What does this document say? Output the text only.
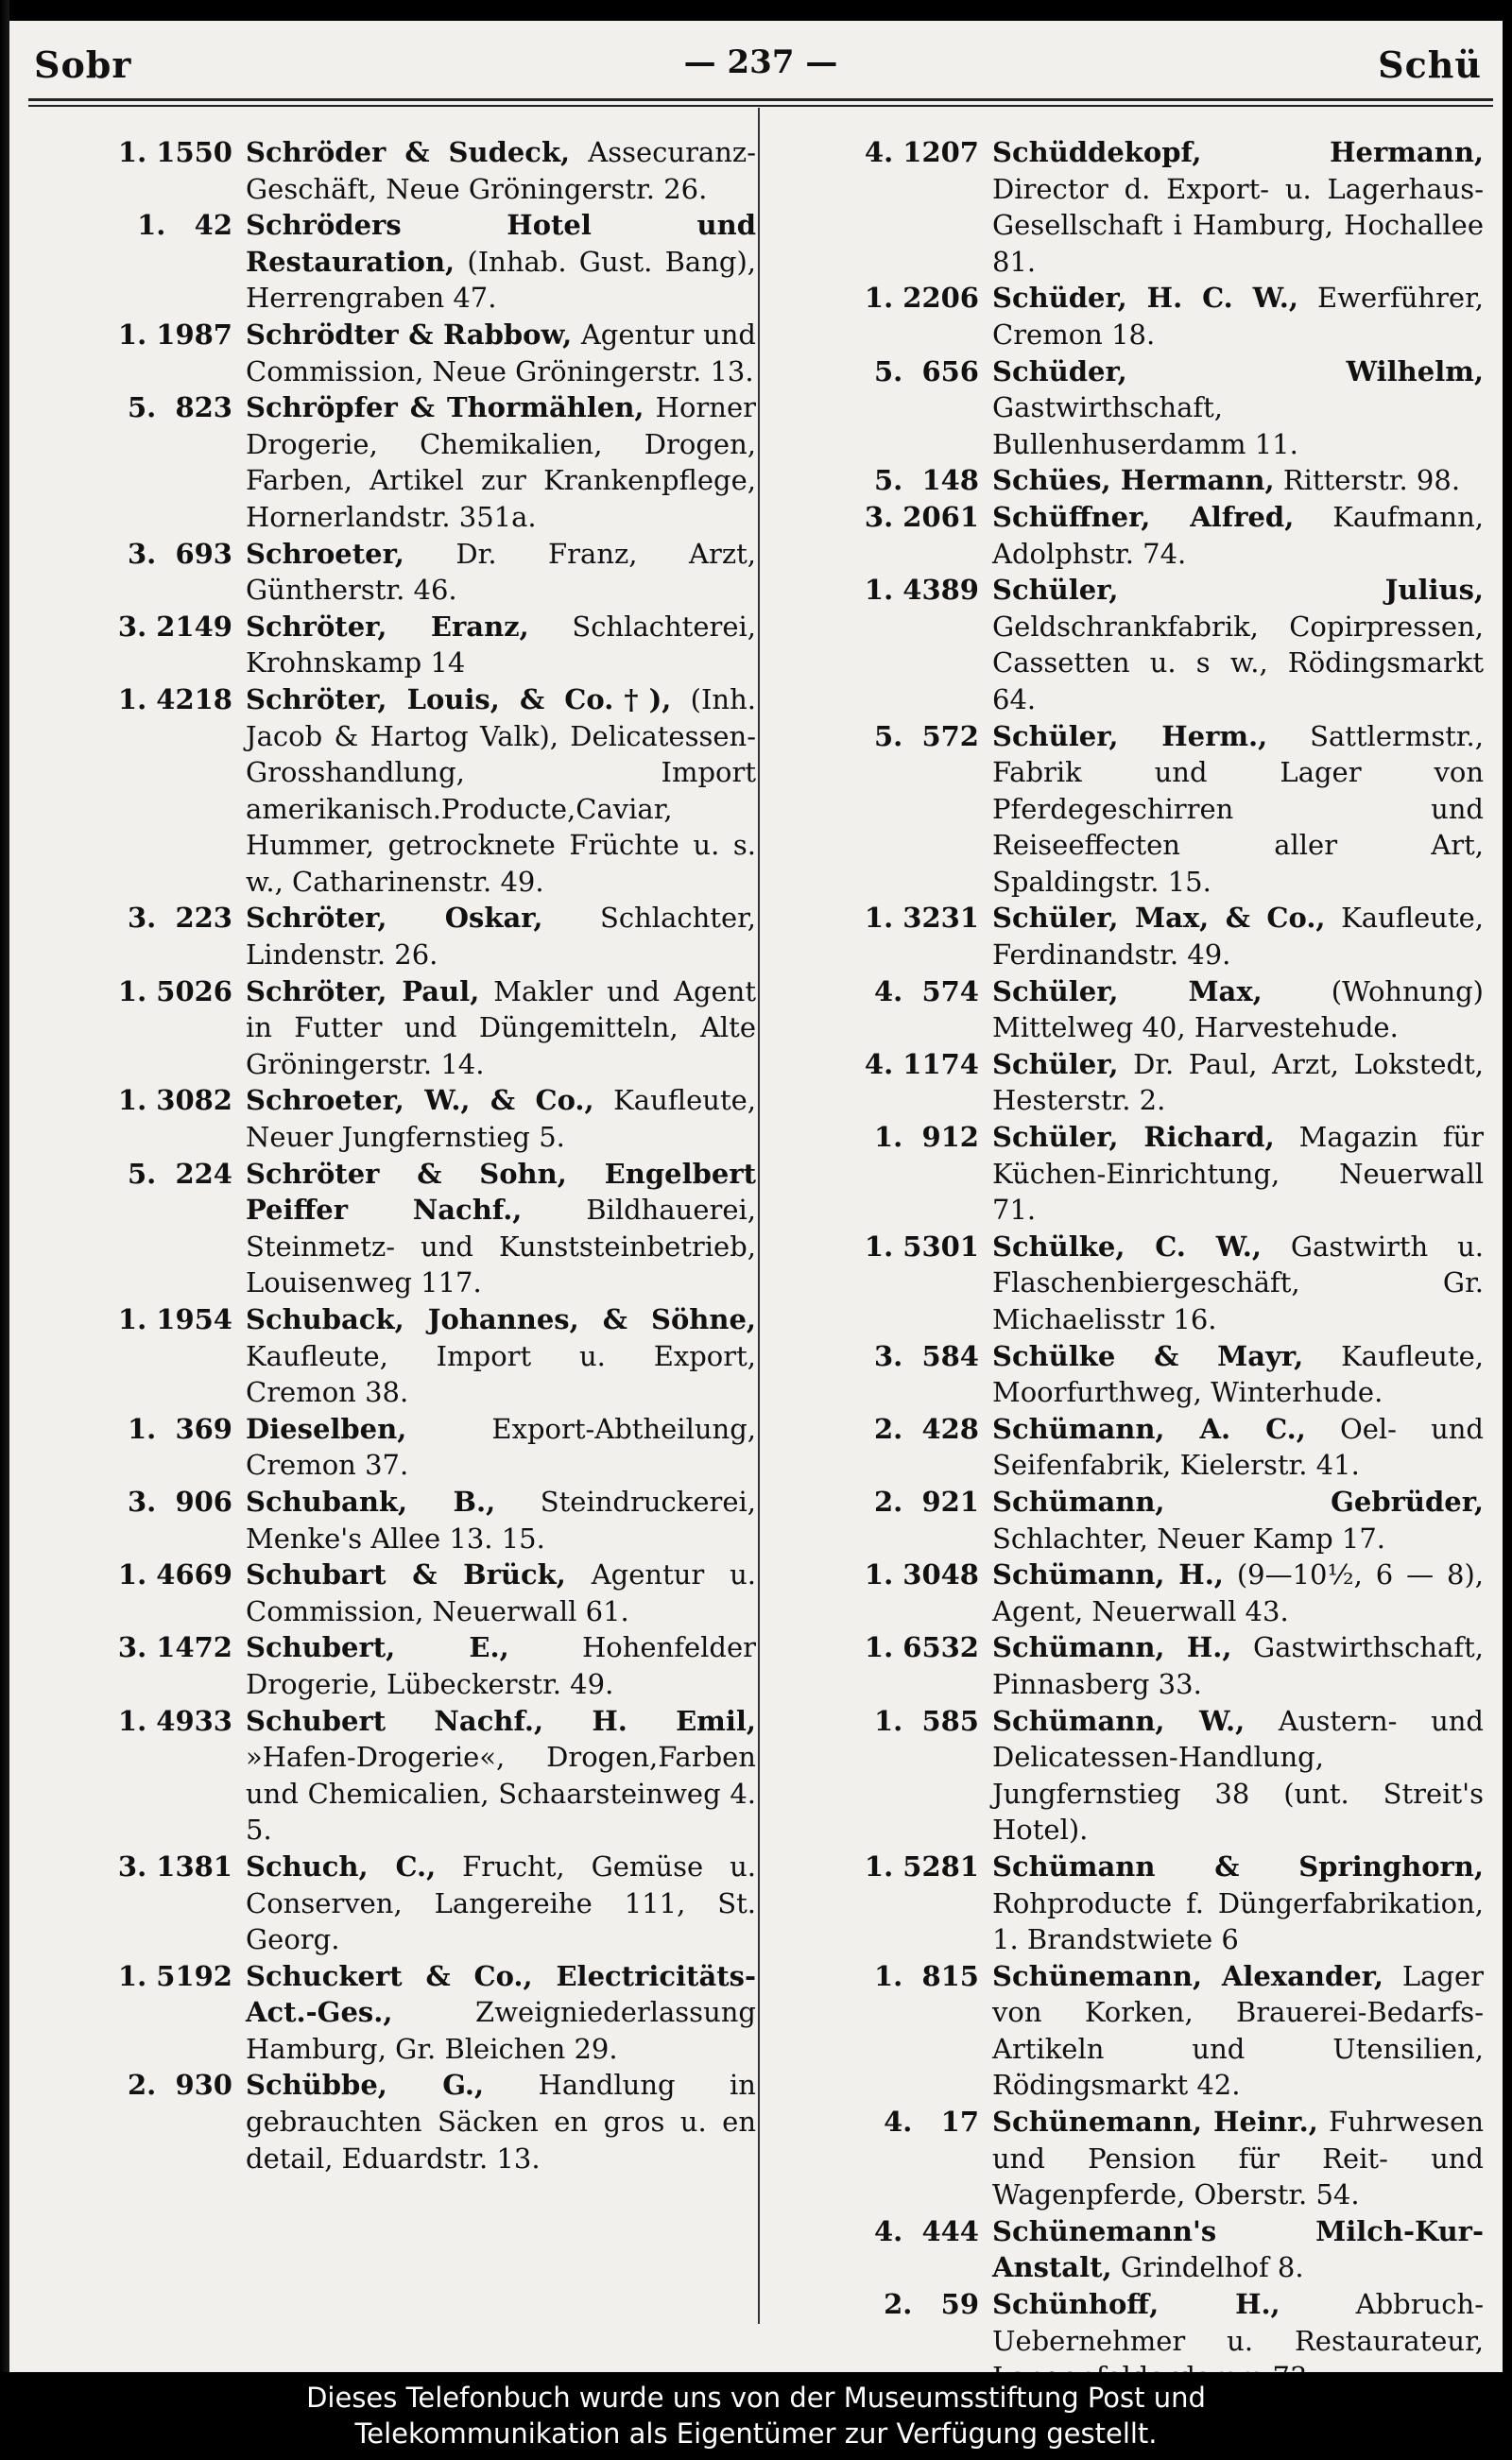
Sobr	— 237 —	Schü
1. 1550 Schröder & Sudeck, Assecuranz-Geschäft, Neue Gröningerstr. 26.
1.   42 Schröders Hotel und Restauration, (Inhab. Gust. Bang), Herrengraben 47.
1. 1987 Schrödter & Rabbow, Agentur und Commission, Neue Gröningerstr. 13.
5.  823 Schröpfer & Thormählen, Horner Drogerie, Chemikalien, Drogen, Farben, Artikel zur Krankenpflege, Hornerlandstr. 351a.
3.  693 Schroeter, Dr. Franz, Arzt, Güntherstr. 46.
3. 2149 Schröter, Eranz, Schlachterei, Krohnskamp 14
1. 4218 Schröter, Louis, & Co.†), (Inh. Jacob & Hartog Valk), Delicatessen-Grosshandlung, Import amerikanisch.Producte,Caviar, Hummer, getrocknete Früchte u. s. w., Catharinenstr. 49.
3.  223 Schröter, Oskar, Schlachter, Lindenstr. 26.
1. 5026 Schröter, Paul, Makler und Agent in Futter und Düngemitteln, Alte Gröningerstr. 14.
1. 3082 Schroeter, W., & Co., Kaufleute, Neuer Jungfernstieg 5.
5.  224 Schröter & Sohn, Engelbert Peiffer Nachf., Bildhauerei, Steinmetz- und Kunststeinbetrieb, Louisenweg 117.
1. 1954 Schuback, Johannes, & Söhne, Kaufleute, Import u. Export, Cremon 38.
1.  369 Dieselben, Export-Abtheilung, Cremon 37.
3.  906 Schubank, B., Steindruckerei, Menke's Allee 13. 15.
1. 4669 Schubart & Brück, Agentur u. Commission, Neuerwall 61.
3. 1472 Schubert, E., Hohenfelder Drogerie, Lübeckerstr. 49.
1. 4933 Schubert Nachf., H. Emil, »Hafen-Drogerie«, Drogen,Farben und Chemicalien, Schaarsteinweg 4. 5.
3. 1381 Schuch, C., Frucht, Gemüse u. Conserven, Langereihe 111, St. Georg.
1. 5192 Schuckert & Co., Electricitäts-Act.-Ges., Zweigniederlassung Hamburg, Gr. Bleichen 29.
2.  930 Schübbe, G., Handlung in gebrauchten Säcken en gros u. en detail, Eduardstr. 13.
4. 1207 Schüddekopf, Hermann, Director d. Export- u. Lagerhaus-Gesellschaft i Hamburg, Hochallee 81.
1. 2206 Schüder, H. C. W., Ewerführer, Cremon 18.
5.  656 Schüder, Wilhelm, Gastwirthschaft, Bullenhuserdamm 11.
5.  148 Schües, Hermann, Ritterstr. 98.
3. 2061 Schüffner, Alfred, Kaufmann, Adolphstr. 74.
1. 4389 Schüler, Julius, Geldschrankfabrik, Copirpressen, Cassetten u. s w., Rödingsmarkt 64.
5.  572 Schüler, Herm., Sattlermstr., Fabrik und Lager von Pferdegeschirren und Reiseeffecten aller Art, Spaldingstr. 15.
1. 3231 Schüler, Max, & Co., Kaufleute, Ferdinandstr. 49.
4.  574 Schüler, Max, (Wohnung) Mittelweg 40, Harvestehude.
4. 1174 Schüler, Dr. Paul, Arzt, Lokstedt, Hesterstr. 2.
1.  912 Schüler, Richard, Magazin für Küchen-Einrichtung, Neuerwall 71.
1. 5301 Schülke, C. W., Gastwirth u. Flaschenbiergeschäft, Gr. Michaelisstr 16.
3.  584 Schülke & Mayr, Kaufleute, Moorfurthweg, Winterhude.
2.  428 Schümann, A. C., Oel- und Seifenfabrik, Kielerstr. 41.
2.  921 Schümann, Gebrüder, Schlachter, Neuer Kamp 17.
1. 3048 Schümann, H., (9—10½, 6 — 8), Agent, Neuerwall 43.
1. 6532 Schümann, H., Gastwirthschaft, Pinnasberg 33.
1.  585 Schümann, W., Austern- und Delicatessen-Handlung, Jungfernstieg 38 (unt. Streit's Hotel).
1. 5281 Schümann & Springhorn, Rohproducte f. Düngerfabrikation, 1. Brandstwiete 6
1.  815 Schünemann, Alexander, Lager von Korken, Brauerei-Bedarfs-Artikeln und Utensilien, Rödingsmarkt 42.
4.   17 Schünemann, Heinr., Fuhrwesen und Pension für Reit- und Wagenpferde, Oberstr. 54.
4.  444 Schünemann's Milch-Kur-Anstalt, Grindelhof 8.
2.   59 Schünhoff, H.,	Abbruch-Uebernehmer u. Restaurateur,

Dieses Telefonbuch wurde uns von der Museumsstiftung Post und

Telekommunikation als Eigentümer zur Verfügung gestellt.
